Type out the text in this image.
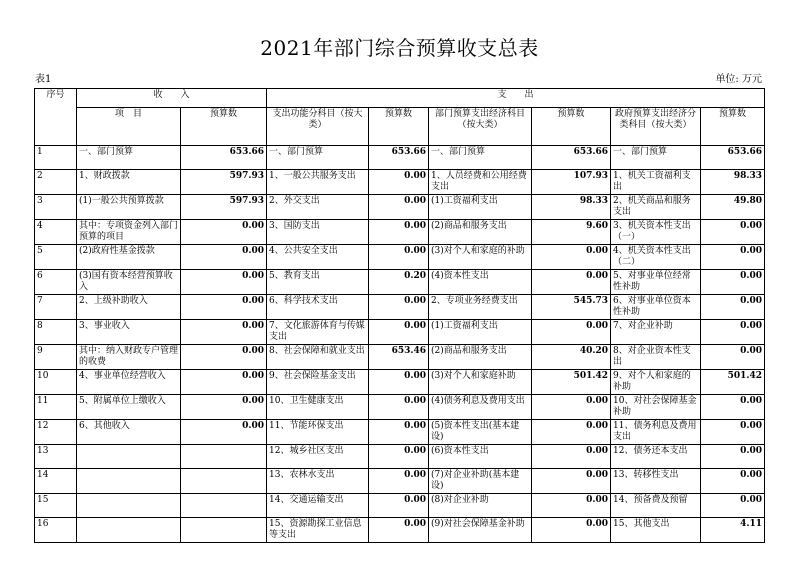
2021年部门综合预算收支总表
表1	单位: 万元
序号	收　　入		支　　出					
	项　目	预算数	支出功能分科目（按大类）	预算数	部门预算支出经济科目（按大类）	预算数	政府预算支出经济分类科目（按大类）	预算数
1	一、部门预算	653.66	一、部门预算	653.66	一、部门预算	653.66	一、部门预算	653.66
2	1、财政拨款	597.93	1、一般公共服务支出	0.00	1、人员经费和公用经费支出	107.93	1、机关工资福利支出	98.33
3	(1)一般公共预算拨款	597.93	2、外交支出	0.00	(1)工资福利支出	98.33	2、机关商品和服务支出	49.80
4	其中：专项资金列入部门预算的项目	0.00	3、国防支出	0.00	(2)商品和服务支出	9.60	3、机关资本性支出（一）	0.00
5	(2)政府性基金拨款	0.00	4、公共安全支出	0.00	(3)对个人和家庭的补助	0.00	4、机关资本性支出（二）	0.00
6	(3)国有资本经营预算收入	0.00	5、教育支出	0.20	(4)资本性支出	0.00	5、对事业单位经常性补助	0.00
7	2、上级补助收入	0.00	6、科学技术支出	0.00	2、专项业务经费支出	545.73	6、对事业单位资本性补助	0.00
8	3、事业收入	0.00	7、文化旅游体育与传媒支出	0.00	(1)工资福利支出	0.00	7、对企业补助	0.00
9	其中：纳入财政专户管理的收费	0.00	8、社会保障和就业支出	653.46	(2)商品和服务支出	40.20	8、对企业资本性支出	0.00
10	4、事业单位经营收入	0.00	9、社会保险基金支出	0.00	(3)对个人和家庭补助	501.42	9、对个人和家庭的补助	501.42
11	5、附属单位上缴收入	0.00	10、卫生健康支出	0.00	(4)债务利息及费用支出	0.00	10、对社会保障基金补助	0.00
12	6、其他收入	0.00	11、节能环保支出	0.00	(5)资本性支出(基本建设)	0.00	11、债务利息及费用支出	0.00
13			12、城乡社区支出	0.00	(6)资本性支出	0.00	12、债务还本支出	0.00
14			13、农林水支出	0.00	(7)对企业补助(基本建设)	0.00	13、转移性支出	0.00
15			14、交通运输支出	0.00	(8)对企业补助	0.00	14、预备费及预留	0.00
16			15、资源勘探工业信息等支出	0.00	(9)对社会保障基金补助	0.00	15、其他支出	4.11
